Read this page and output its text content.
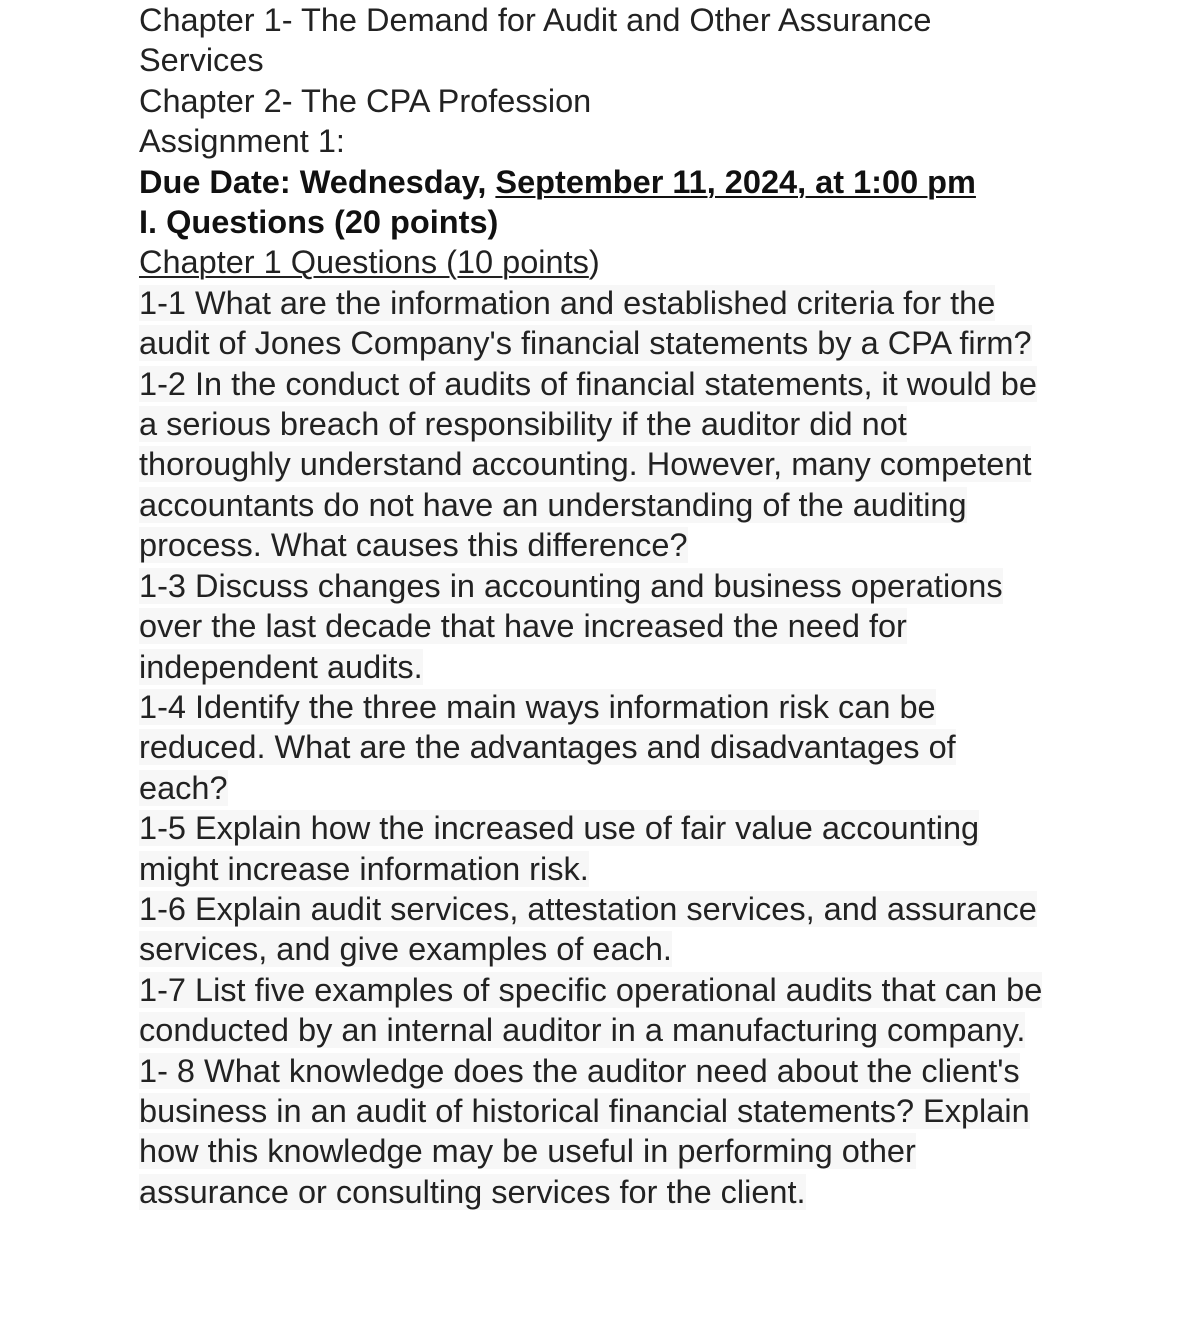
Chapter 1- The Demand for Audit and Other Assurance Services
Chapter 2- The CPA Profession
Assignment 1:
Due Date: Wednesday, September 11, 2024, at 1:00 pm
I. Questions (20 points)
Chapter 1 Questions (10 points)
1-1 What are the information and established criteria for the audit of Jones Company's financial statements by a CPA firm?
1-2 In the conduct of audits of financial statements, it would be a serious breach of responsibility if the auditor did not thoroughly understand accounting. However, many competent accountants do not have an understanding of the auditing process. What causes this difference?
1-3 Discuss changes in accounting and business operations over the last decade that have increased the need for independent audits.
1-4 Identify the three main ways information risk can be reduced. What are the advantages and disadvantages of each?
1-5 Explain how the increased use of fair value accounting might increase information risk.
1-6 Explain audit services, attestation services, and assurance services, and give examples of each.
1-7 List five examples of specific operational audits that can be conducted by an internal auditor in a manufacturing company.
1- 8 What knowledge does the auditor need about the client's business in an audit of historical financial statements? Explain how this knowledge may be useful in performing other assurance or consulting services for the client.
